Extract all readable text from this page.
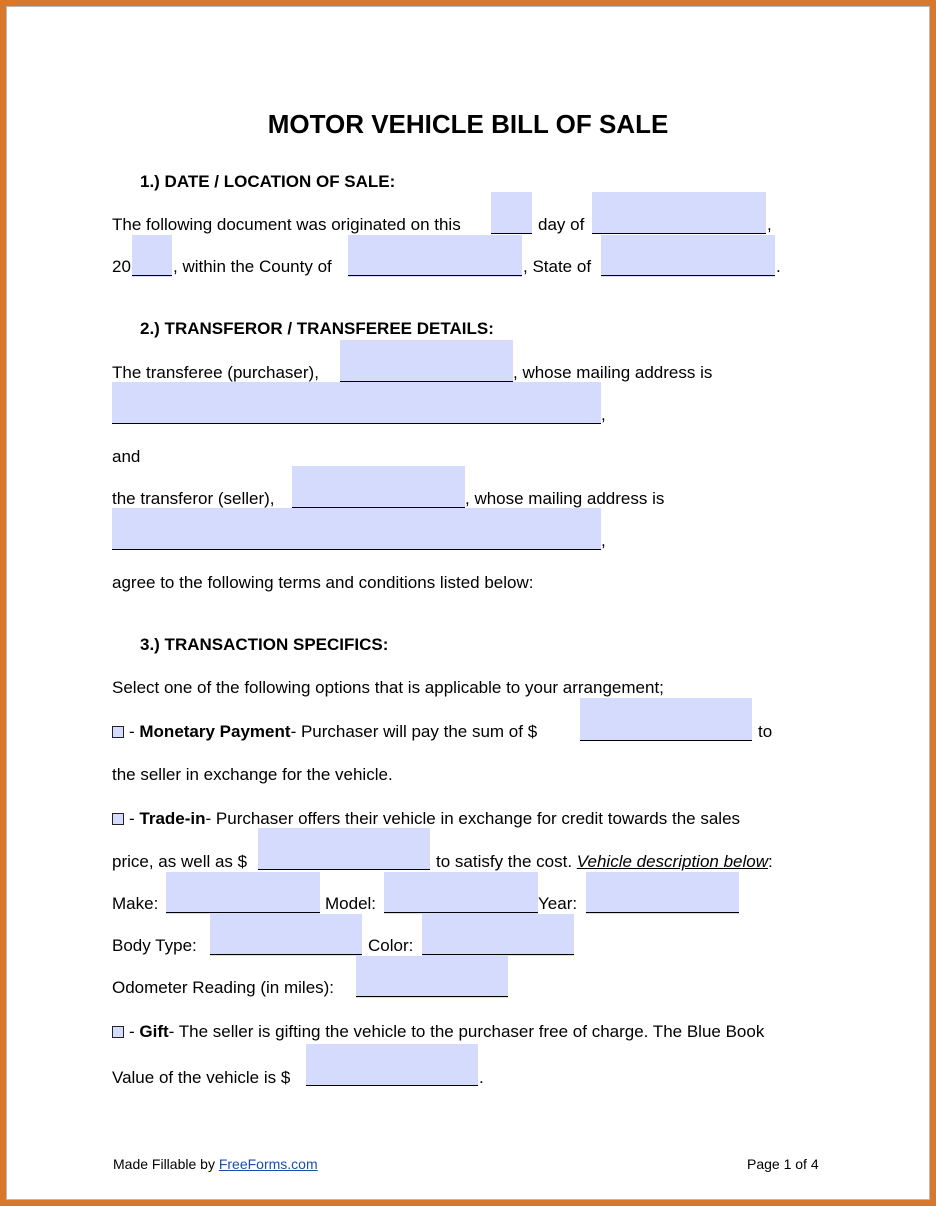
MOTOR VEHICLE BILL OF SALE
1.) DATE / LOCATION OF SALE:
The following document was originated on this	day of	,
20 , within the County of	, State of	.
2.) TRANSFEROR / TRANSFEREE DETAILS:
The transferee (purchaser),	, whose mailing address is
,
and
the transferor (seller),	, whose mailing address is
,
agree to the following terms and conditions listed below:
3.) TRANSACTION SPECIFICS:
Select one of the following options that is applicable to your arrangement;
- Monetary Payment- Purchaser will pay the sum of $	to
the seller in exchange for the vehicle.
- Trade-in- Purchaser offers their vehicle in exchange for credit towards the sales
price, as well as $	to satisfy the cost. Vehicle description below:
Make:	Model:	Year:
Body Type:	Color:
Odometer Reading (in miles):
- Gift- The seller is gifting the vehicle to the purchaser free of charge. The Blue Book
Value of the vehicle is $	.
Made Fillable by FreeForms.com	Page 1 of 4
